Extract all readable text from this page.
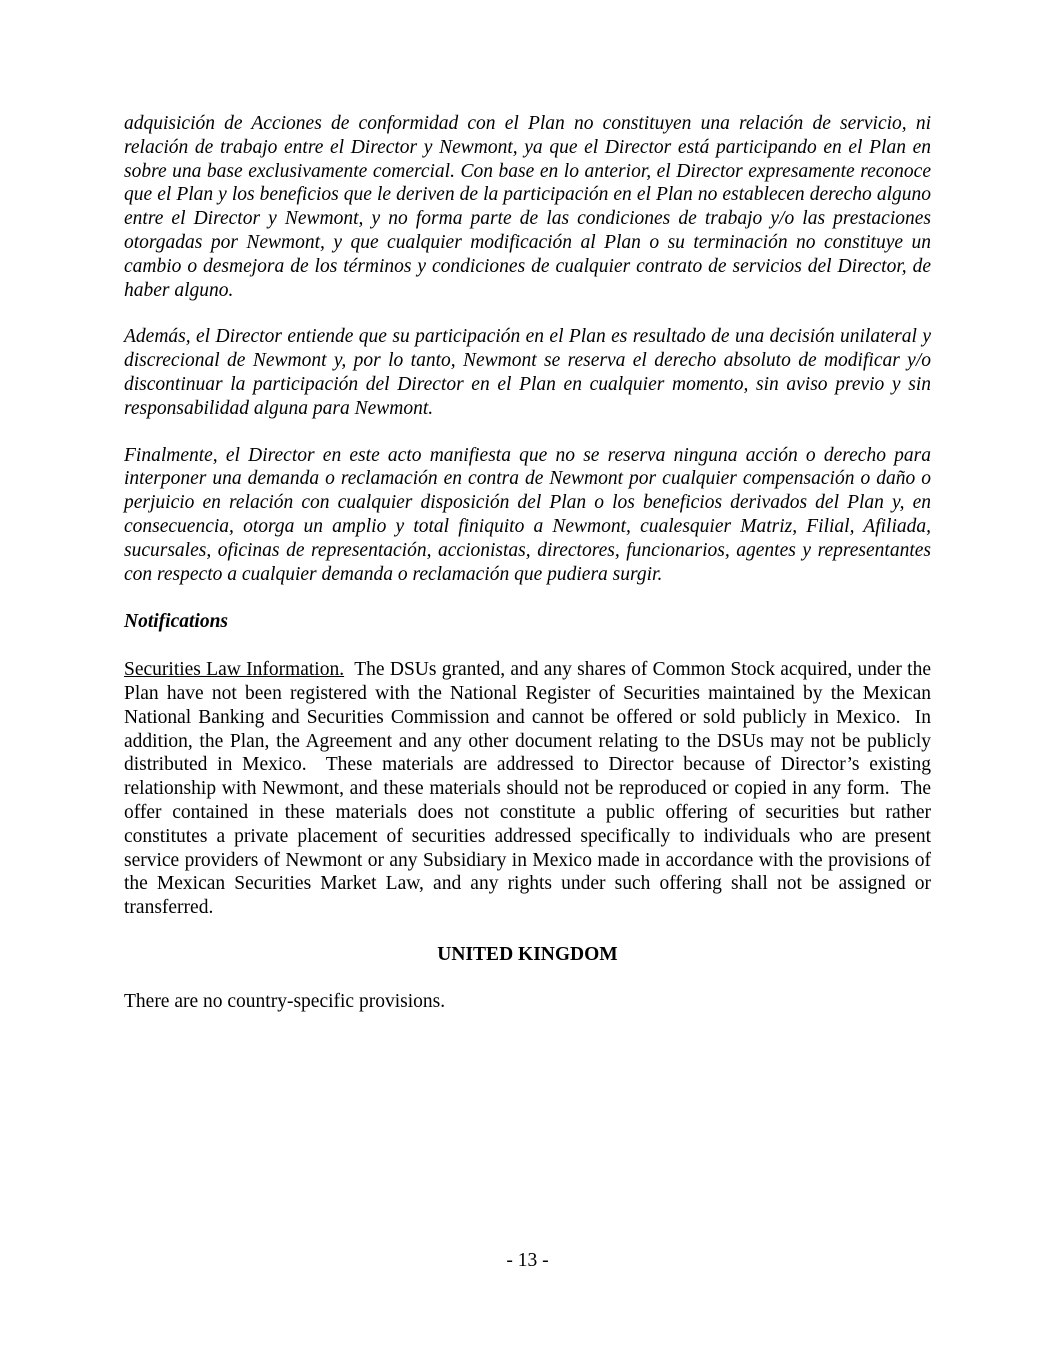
adquisición de Acciones de conformidad con el Plan no constituyen una relación de servicio, ni relación de trabajo entre el Director y Newmont, ya que el Director está participando en el Plan en sobre una base exclusivamente comercial. Con base en lo anterior, el Director expresamente reconoce que el Plan y los beneficios que le deriven de la participación en el Plan no establecen derecho alguno entre el Director y Newmont, y no forma parte de las condiciones de trabajo y/o las prestaciones otorgadas por Newmont, y que cualquier modificación al Plan o su terminación no constituye un cambio o desmejora de los términos y condiciones de cualquier contrato de servicios del Director, de haber alguno.

Además, el Director entiende que su participación en el Plan es resultado de una decisión unilateral y discrecional de Newmont y, por lo tanto, Newmont se reserva el derecho absoluto de modificar y/o discontinuar la participación del Director en el Plan en cualquier momento, sin aviso previo y sin responsabilidad alguna para Newmont.

Finalmente, el Director en este acto manifiesta que no se reserva ninguna acción o derecho para interponer una demanda o reclamación en contra de Newmont por cualquier compensación o daño o perjuicio en relación con cualquier disposición del Plan o los beneficios derivados del Plan y, en consecuencia, otorga un amplio y total finiquito a Newmont, cualesquier Matriz, Filial, Afiliada, sucursales, oficinas de representación, accionistas, directores, funcionarios, agentes y representantes con respecto a cualquier demanda o reclamación que pudiera surgir.

Notifications

Securities Law Information.  The DSUs granted, and any shares of Common Stock acquired, under the Plan have not been registered with the National Register of Securities maintained by the Mexican National Banking and Securities Commission and cannot be offered or sold publicly in Mexico.  In addition, the Plan, the Agreement and any other document relating to the DSUs may not be publicly distributed in Mexico.  These materials are addressed to Director because of Director’s existing relationship with Newmont, and these materials should not be reproduced or copied in any form.  The offer contained in these materials does not constitute a public offering of securities but rather constitutes a private placement of securities addressed specifically to individuals who are present service providers of Newmont or any Subsidiary in Mexico made in accordance with the provisions of the Mexican Securities Market Law, and any rights under such offering shall not be assigned or transferred.

UNITED KINGDOM

There are no country-specific provisions.

- 13 -
